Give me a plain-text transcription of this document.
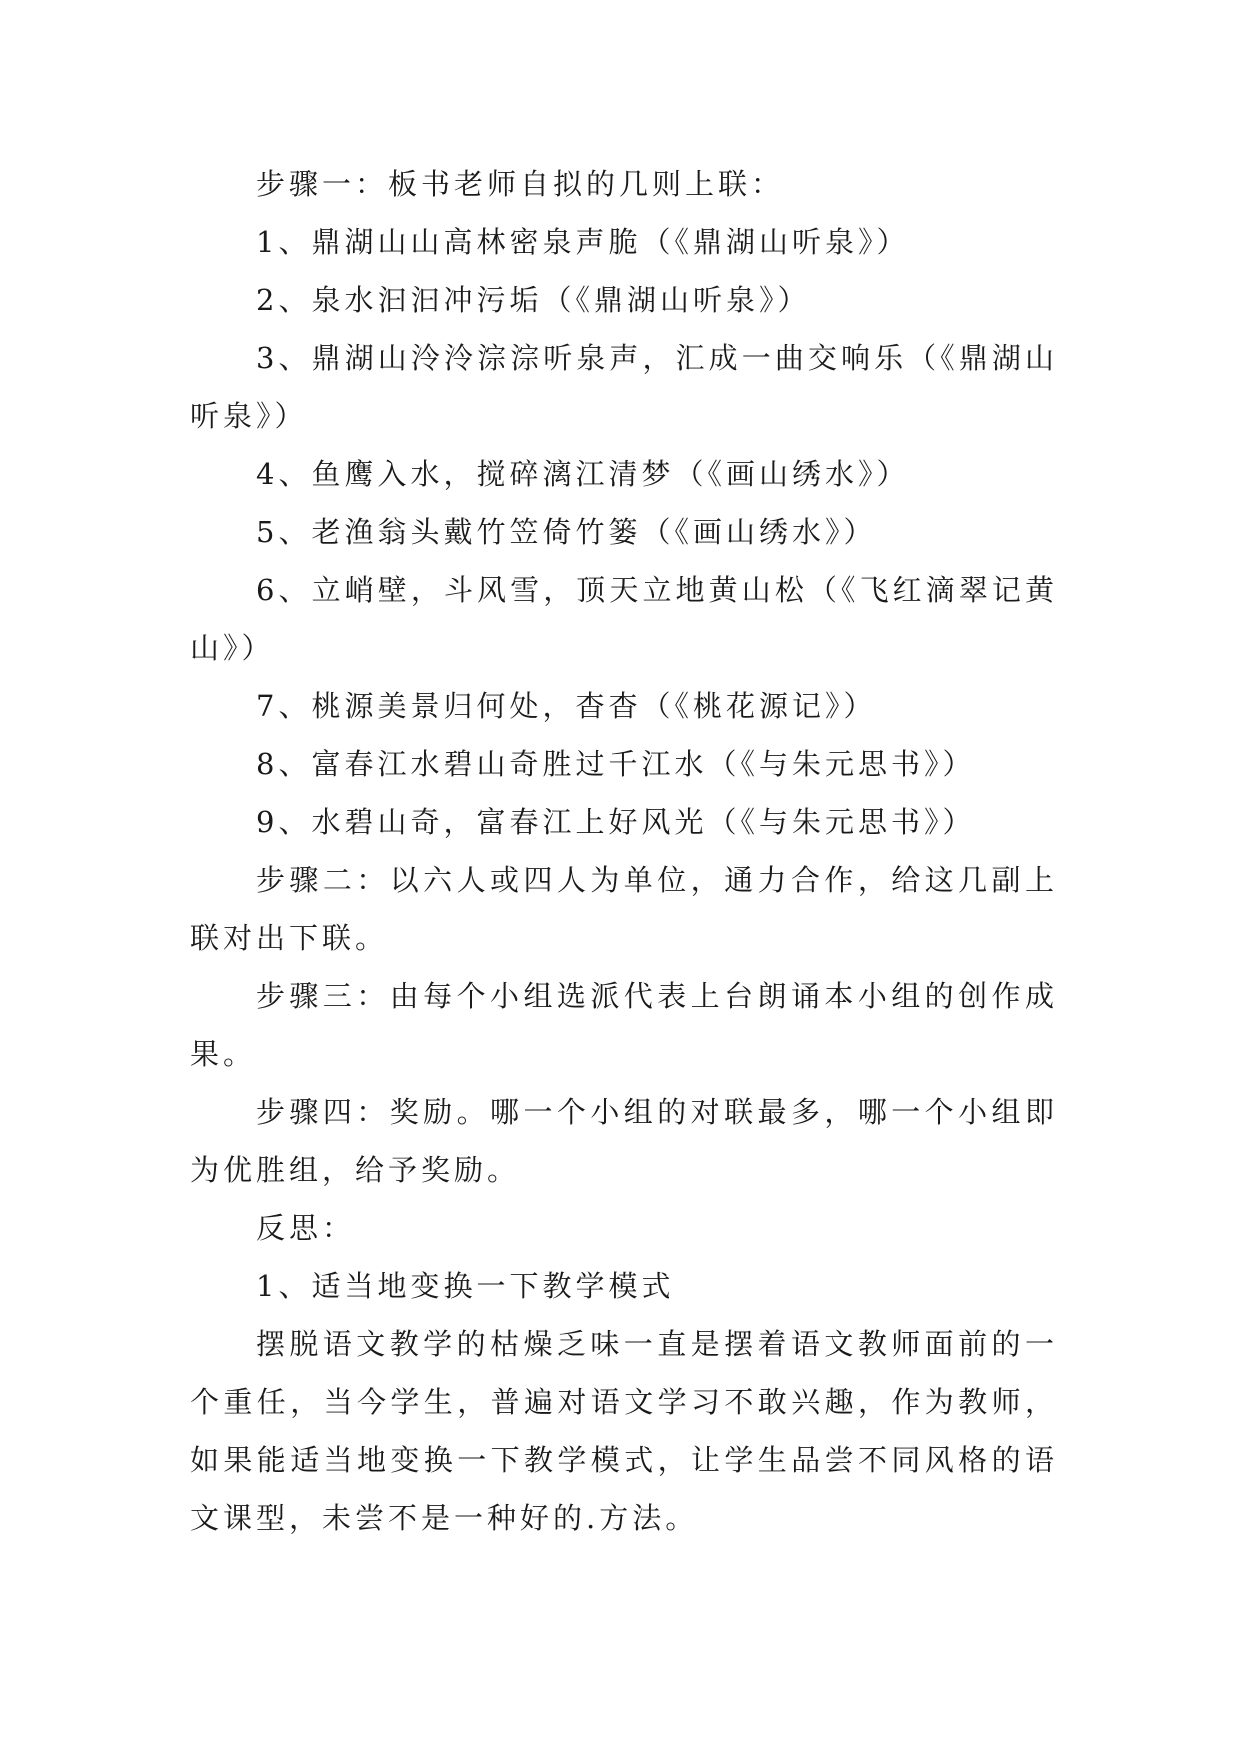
步骤一：板书老师自拟的几则上联：

1、鼎湖山山高林密泉声脆（《鼎湖山听泉》）

2、泉水汩汩冲污垢（《鼎湖山听泉》）

3、鼎湖山泠泠淙淙听泉声，汇成一曲交响乐（《鼎湖山听泉》）

4、鱼鹰入水，搅碎漓江清梦（《画山绣水》）

5、老渔翁头戴竹笠倚竹篓（《画山绣水》）

6、立峭壁，斗风雪，顶天立地黄山松（《飞红滴翠记黄山》）

7、桃源美景归何处，杳杳（《桃花源记》）

8、富春江水碧山奇胜过千江水（《与朱元思书》）

9、水碧山奇，富春江上好风光（《与朱元思书》）

步骤二：以六人或四人为单位，通力合作，给这几副上联对出下联。

步骤三：由每个小组选派代表上台朗诵本小组的创作成果。

步骤四：奖励。哪一个小组的对联最多，哪一个小组即为优胜组，给予奖励。

反思：

1、适当地变换一下教学模式

摆脱语文教学的枯燥乏味一直是摆着语文教师面前的一个重任，当今学生，普遍对语文学习不敢兴趣，作为教师，如果能适当地变换一下教学模式，让学生品尝不同风格的语文课型，未尝不是一种好的.方法。
